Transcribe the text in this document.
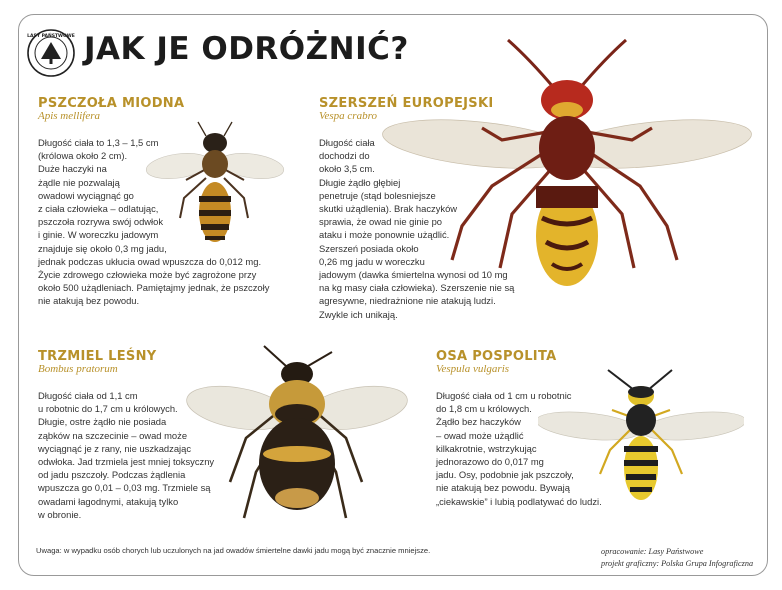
LASY PAŃSTWOWE JAK JE ODRÓŻNIĆ?
PSZCZOŁA MIODNA
Apis mellifera
Długość ciała to 1,3 – 1,5 cm
(królowa około 2 cm).
Duże haczyki na
żądle nie pozwalają
owadowi wyciągnąć go
z ciała człowieka – odlatując,
pszczoła rozrywa swój odwłok
i ginie. W woreczku jadowym
znajduje się około 0,3 mg jadu,
jednak podczas ukłucia owad wpuszcza do 0,012 mg.
Życie zdrowego człowieka może być zagrożone przy
około 500 użądleniach. Pamiętajmy jednak, że pszczoły
nie atakują bez powodu.
SZERSZEŃ EUROPEJSKI
Vespa crabro
Długość ciała
dochodzi do
około 3,5 cm.
Długie żądło głębiej
penetruje (stąd bolesniejsze
skutki użądlenia). Brak haczyków
sprawia, że owad nie ginie po
ataku i może ponownie użądlić.
Szerszeń posiada około
0,26 mg jadu w woreczku
jadowym (dawka śmiertelna wynosi od 10 mg
na kg masy ciała człowieka). Szerszenie nie są
agresywne, niedrażnione nie atakują ludzi.
Zwykle ich unikają.
TRZMIEL LEŚNY
Bombus pratorum
Długość ciała od 1,1 cm
u robotnic do 1,7 cm u królowych.
Długie, ostre żądło nie posiada
ząbków na szczecinie – owad może
wyciągnąć je z rany, nie uszkadzając
odwłoka. Jad trzmiela jest mniej toksyczny
od jadu pszczoły. Podczas żądlenia
wpuszcza go 0,01 – 0,03 mg. Trzmiele są
owadami łagodnymi, atakują tylko
w obronie.
OSA POSPOLITA
Vespula vulgaris
Długość ciała od 1 cm u robotnic
do 1,8 cm u królowych.
Żądło bez haczyków
– owad może użądlić
kilkakrotnie, wstrzykując
jednorazowo do 0,017 mg
jadu. Osy, podobnie jak pszczoły,
nie atakują bez powodu. Bywają
„ciekawskie” i lubią podlatywać do ludzi.
Uwaga: w wypadku osób chorych lub uczulonych na jad owadów śmiertelne dawki jadu mogą być znacznie mniejsze.	opracowanie: Lasy Państwowe
projekt graficzny: Polska Grupa Infograficzna
